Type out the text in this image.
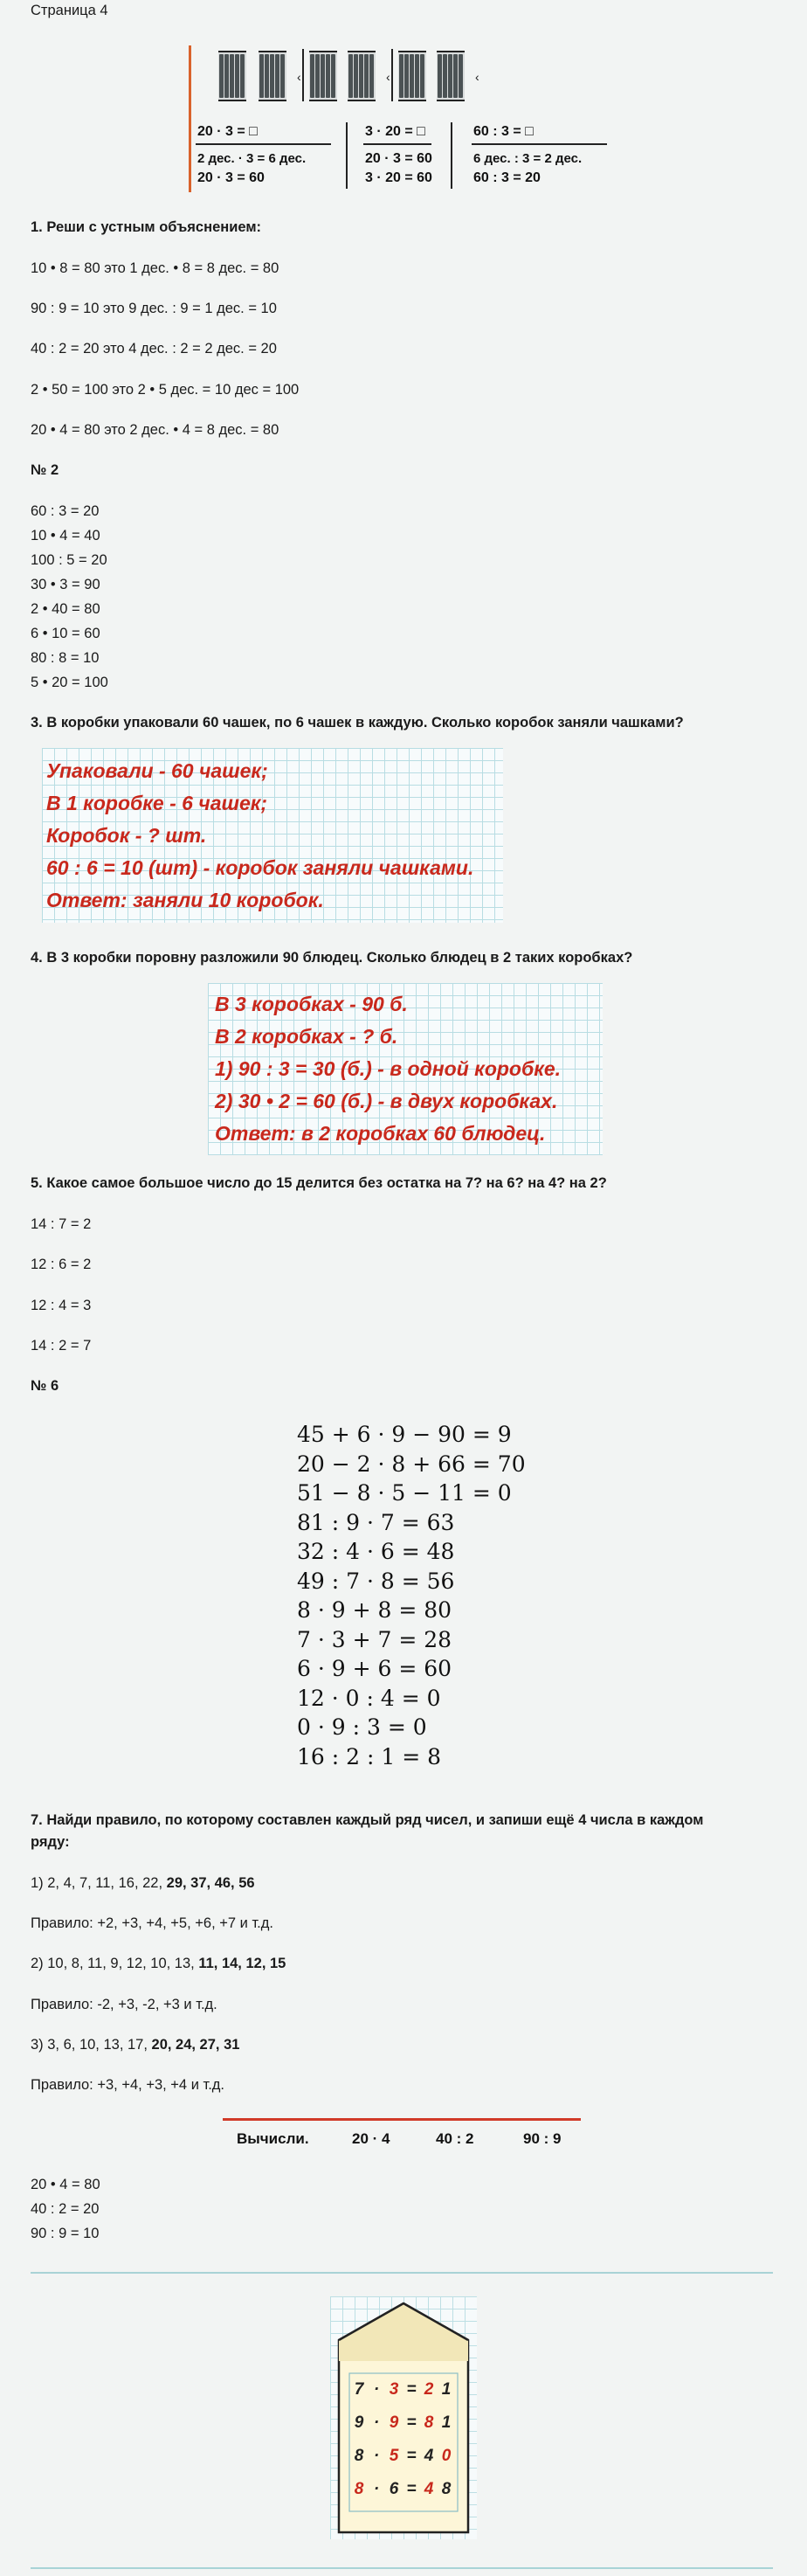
Страница 4
‹	‹	‹
20 · 3 = □
2 дес. · 3 = 6 дес.
20 · 3 = 60
3 · 20 = □
20 · 3 = 60
3 · 20 = 60
60 : 3 = □
6 дес. : 3 = 2 дес.
60 : 3 = 20
1. Реши с устным объяснением:
10 • 8 = 80 это 1 дес. • 8 = 8 дес. = 80
90 : 9 = 10 это 9 дес. : 9 = 1 дес. = 10
40 : 2 = 20 это 4 дес. : 2 = 2 дес. = 20
2 • 50 = 100 это 2 • 5 дес. = 10 дес = 100
20 • 4 = 80 это 2 дес. • 4 = 8 дес. = 80
№ 2
60 : 3 = 20
10 • 4 = 40
100 : 5 = 20
30 • 3 = 90
2 • 40 = 80
6 • 10 = 60
80 : 8 = 10
5 • 20 = 100
3. В коробки упаковали 60 чашек, по 6 чашек в каждую. Сколько коробок заняли чашками?
Упаковали - 60 чашек;
В 1 коробке - 6 чашек;
Коробок - ? шт.
60 : 6 = 10 (шт) - коробок заняли чашками.
Ответ: заняли 10 коробок.
4. В 3 коробки поровну разложили 90 блюдец. Сколько блюдец в 2 таких коробках?
В 3 коробках - 90 б.
В 2 коробках - ? б.
1) 90 : 3 = 30 (б.) - в одной коробке.
2) 30 • 2 = 60 (б.) - в двух коробках.
Ответ: в 2 коробках 60 блюдец.
5. Какое самое большое число до 15 делится без остатка на 7? на 6? на 4? на 2?
14 : 7 = 2
12 : 6 = 2
12 : 4 = 3
14 : 2 = 7
№ 6
45 + 6 · 9 − 90 = 9
20 − 2 · 8 + 66 = 70
51 − 8 · 5 − 11 = 0
81 : 9 · 7 = 63
32 : 4 · 6 = 48
49 : 7 · 8 = 56
8 · 9 + 8 = 80
7 · 3 + 7 = 28
6 · 9 + 6 = 60
12 · 0 : 4 = 0
0 · 9 : 3 = 0
16 : 2 : 1 = 8
7. Найди правило, по которому составлен каждый ряд чисел, и запиши ещё 4 числа в каждом
ряду:
1) 2, 4, 7, 11, 16, 22, 29, 37, 46, 56
Правило: +2, +3, +4, +5, +6, +7 и т.д.
2) 10, 8, 11, 9, 12, 10, 13, 11, 14, 12, 15
Правило: -2, +3, -2, +3 и т.д.
3) 3, 6, 10, 13, 17, 20, 24, 27, 31
Правило: +3, +4, +3, +4 и т.д.
Вычисли.	20 · 4	40 : 2	90 : 9
20 • 4 = 80
40 : 2 = 20
90 : 9 = 10
7 · 3 = 2 1
9 · 9 = 8 1
8 · 5 = 4 0
8 · 6 = 4 8
